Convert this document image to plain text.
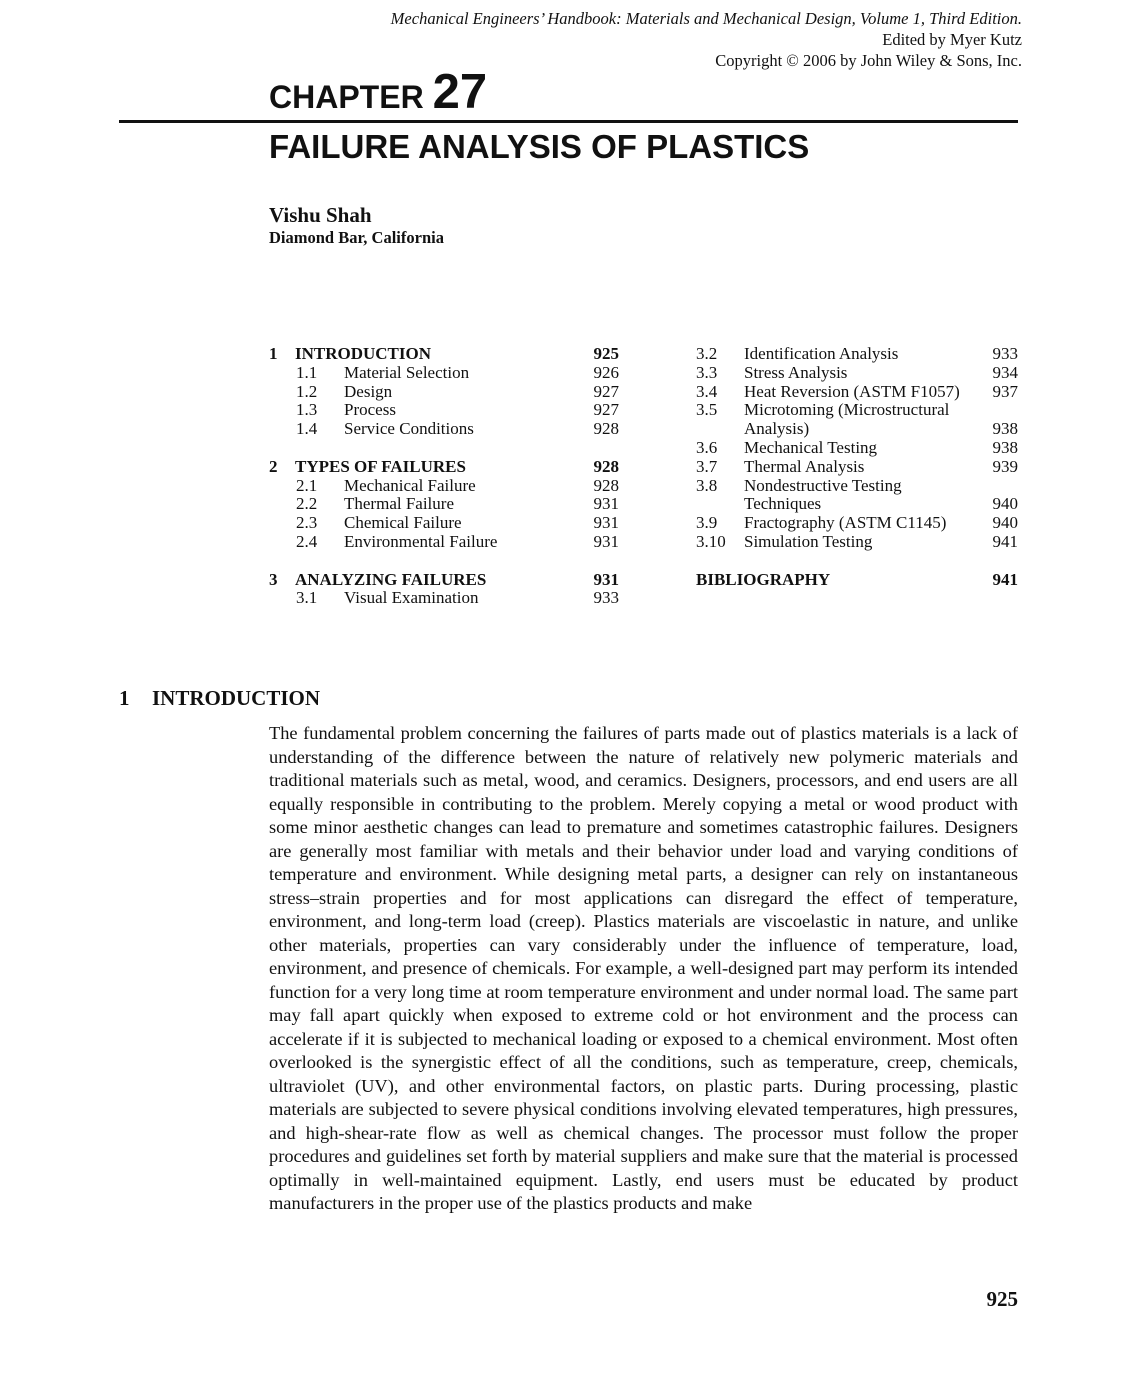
Mechanical Engineers’ Handbook: Materials and Mechanical Design, Volume 1, Third Edition.
Edited by Myer Kutz
Copyright © 2006 by John Wiley & Sons, Inc.
CHAPTER 27
FAILURE ANALYSIS OF PLASTICS
Vishu Shah
Diamond Bar, California
1 INTRODUCTION	925
1.1 Material Selection	926
1.2 Design	927
1.3 Process	927
1.4 Service Conditions	928
2 TYPES OF FAILURES	928
2.1 Mechanical Failure	928
2.2 Thermal Failure	931
2.3 Chemical Failure	931
2.4 Environmental Failure	931
3 ANALYZING FAILURES	931
3.1 Visual Examination	933
3.2 Identification Analysis	933
3.3 Stress Analysis	934
3.4 Heat Reversion (ASTM F1057) 937
3.5 Microtoming (Microstructural
Analysis)	938
3.6 Mechanical Testing	938
3.7 Thermal Analysis	939
3.8 Nondestructive Testing
Techniques	940
3.9 Fractography (ASTM C1145)	940
3.10 Simulation Testing	941
BIBLIOGRAPHY	941
1 INTRODUCTION

The fundamental problem concerning the failures of parts made out of plastics materials is a lack of understanding of the difference between the nature of relatively new polymeric materials and traditional materials such as metal, wood, and ceramics. Designers, processors, and end users are all equally responsible in contributing to the problem. Merely copying a metal or wood product with some minor aesthetic changes can lead to premature and sometimes catastrophic failures. Designers are generally most familiar with metals and their behavior under load and varying conditions of temperature and environment. While designing metal parts, a designer can rely on instantaneous stress–strain properties and for most applications can disregard the effect of temperature, environment, and long-term load (creep). Plastics materials are viscoelastic in nature, and unlike other materials, properties can vary considerably under the influence of temperature, load, environment, and presence of chemicals. For example, a well-designed part may perform its intended function for a very long time at room temperature environment and under normal load. The same part may fall apart quickly when exposed to extreme cold or hot environment and the process can accelerate if it is subjected to mechanical loading or exposed to a chemical environment. Most often overlooked is the synergistic effect of all the conditions, such as temperature, creep, chemicals, ultraviolet (UV), and other environmental factors, on plastic parts. During processing, plastic materials are subjected to severe physical conditions involving elevated temperatures, high pressures, and high-shear-rate flow as well as chemical changes. The processor must follow the proper procedures and guidelines set forth by material suppliers and make sure that the material is processed optimally in well-maintained equipment. Lastly, end users must be educated by product manufacturers in the proper use of the plastics products and make

925
